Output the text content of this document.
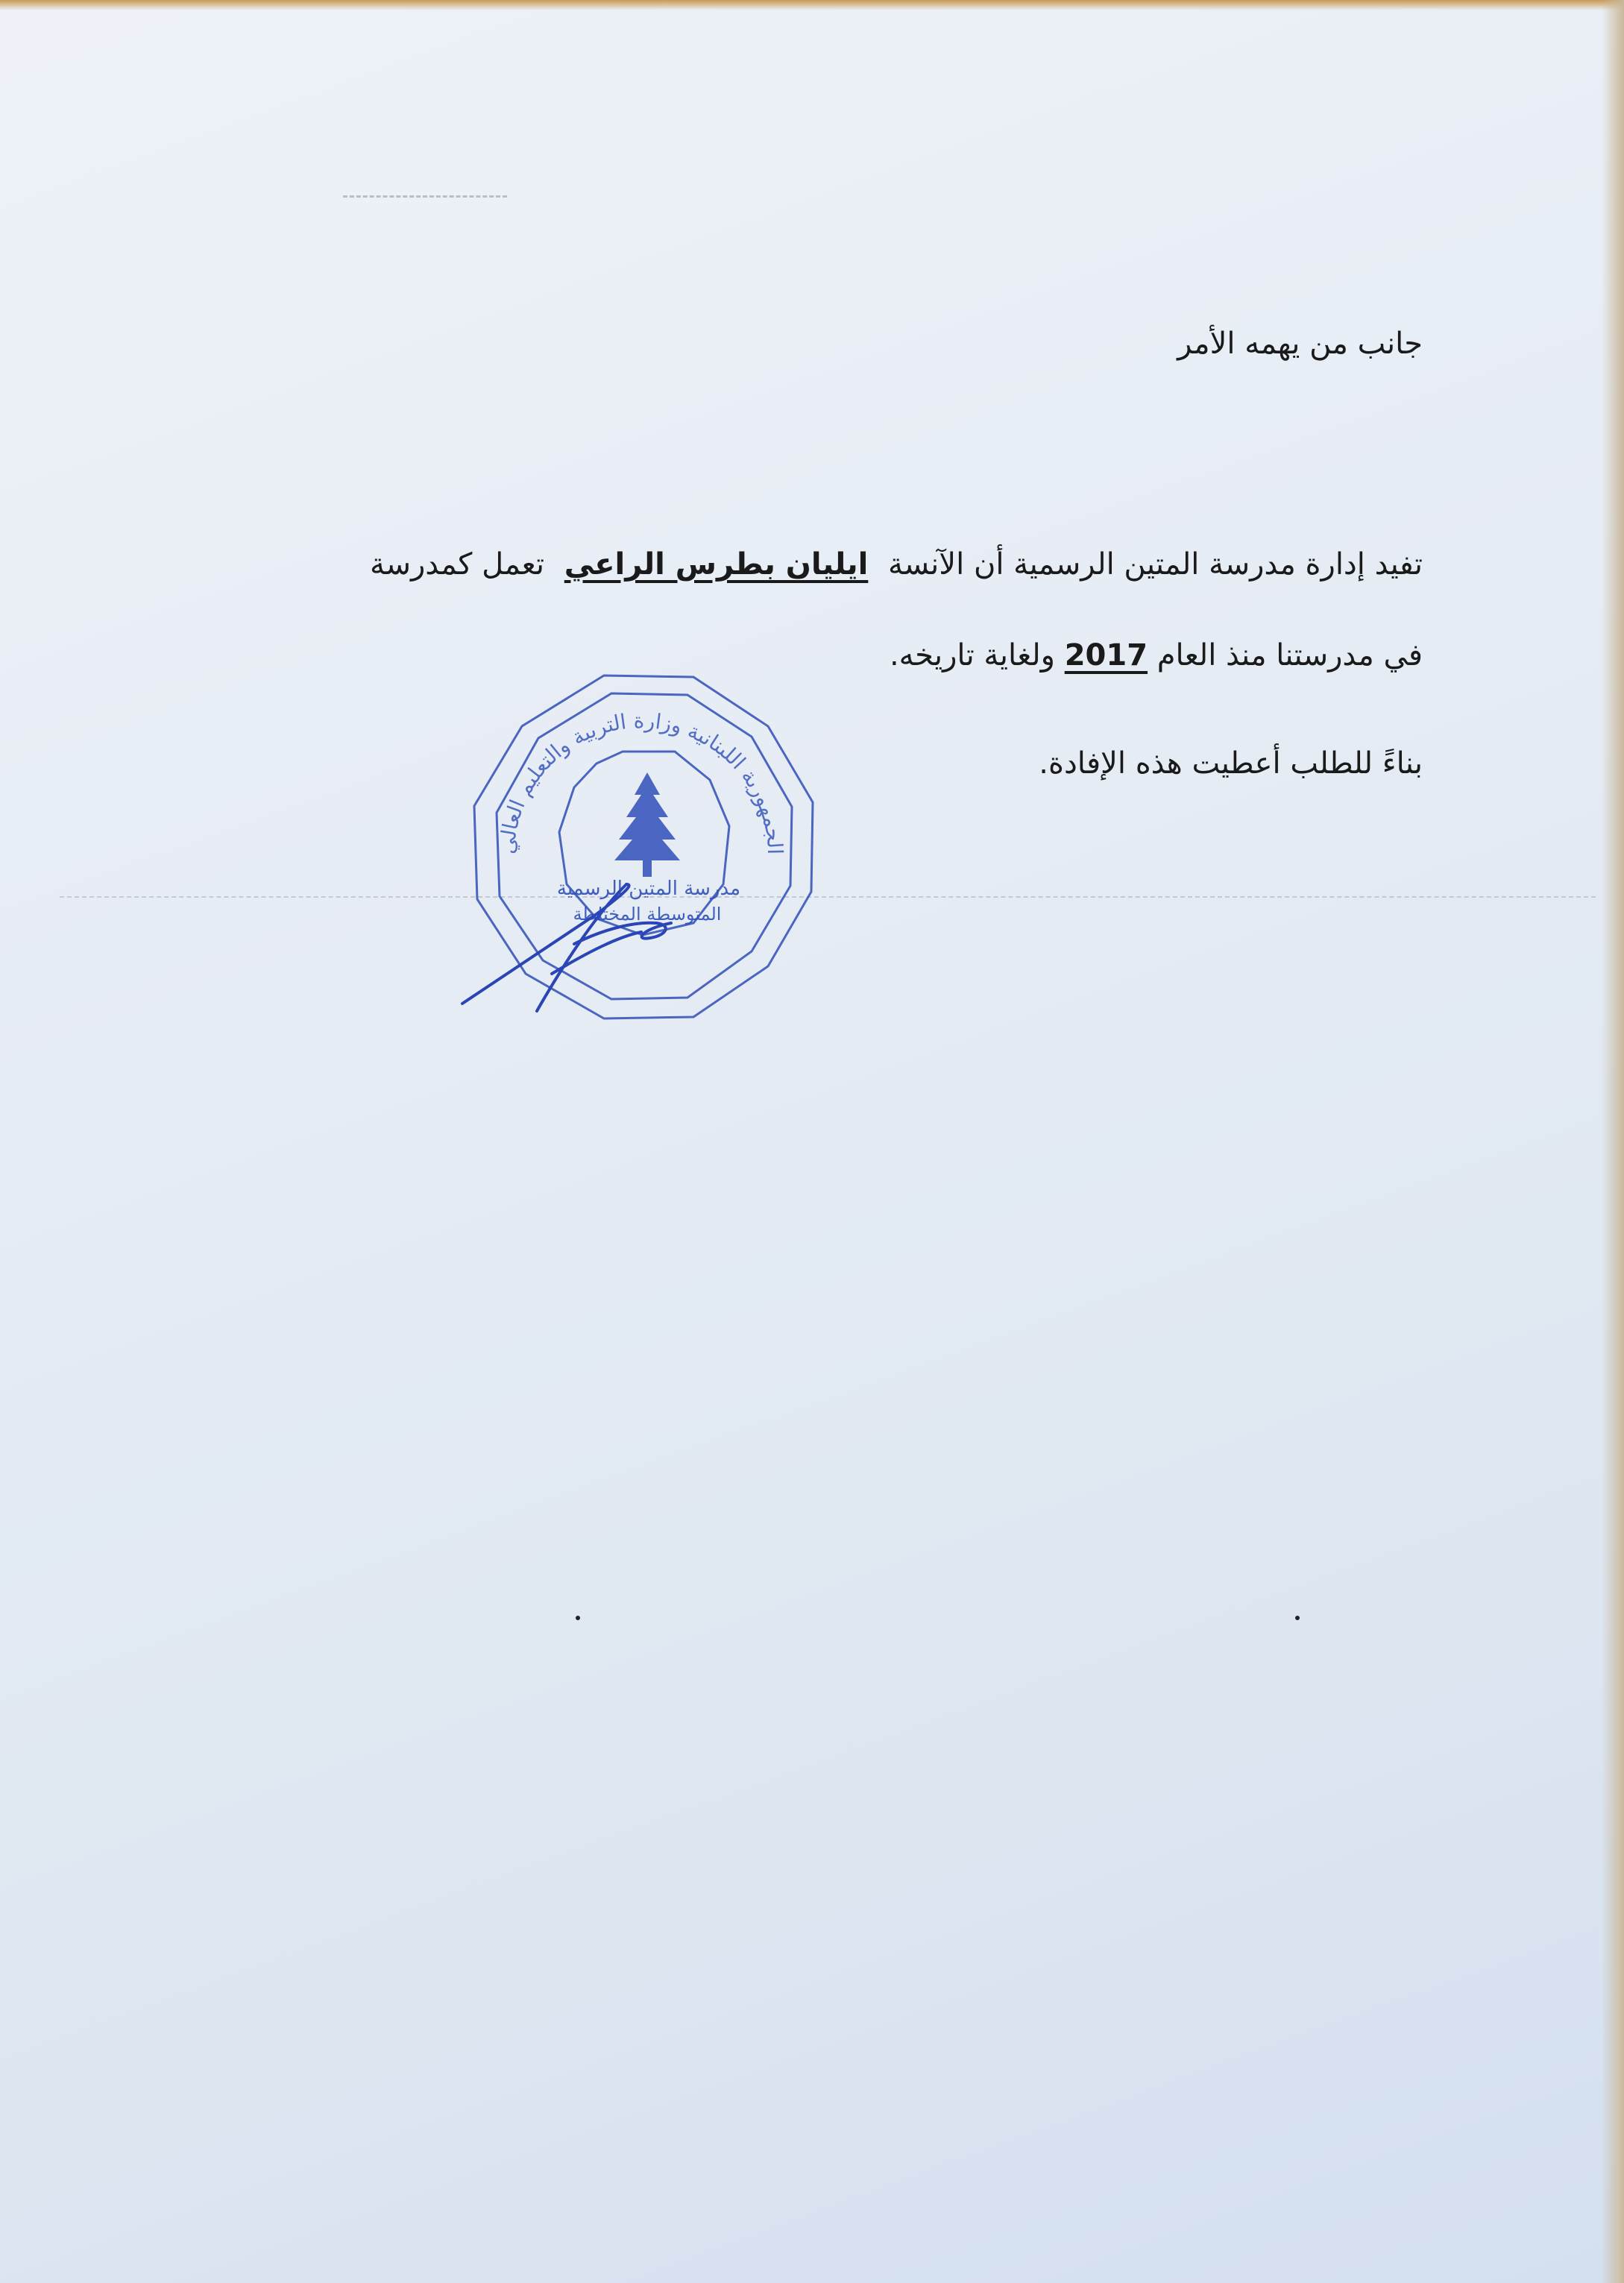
جانب من يهمه الأمر
تفيد إدارة مدرسة المتين الرسمية أن الآنسة
ايليان بطرس الراعي
تعمل كمدرسة
في مدرستنا منذ العام 2017 ولغاية تاريخه.
بناءً للطلب أعطيت هذه الإفادة.
مدرسة المتين الرسمية
المتوسطة المختلطة
الجمهورية اللبنانية وزارة التربية والتعليم العالي
